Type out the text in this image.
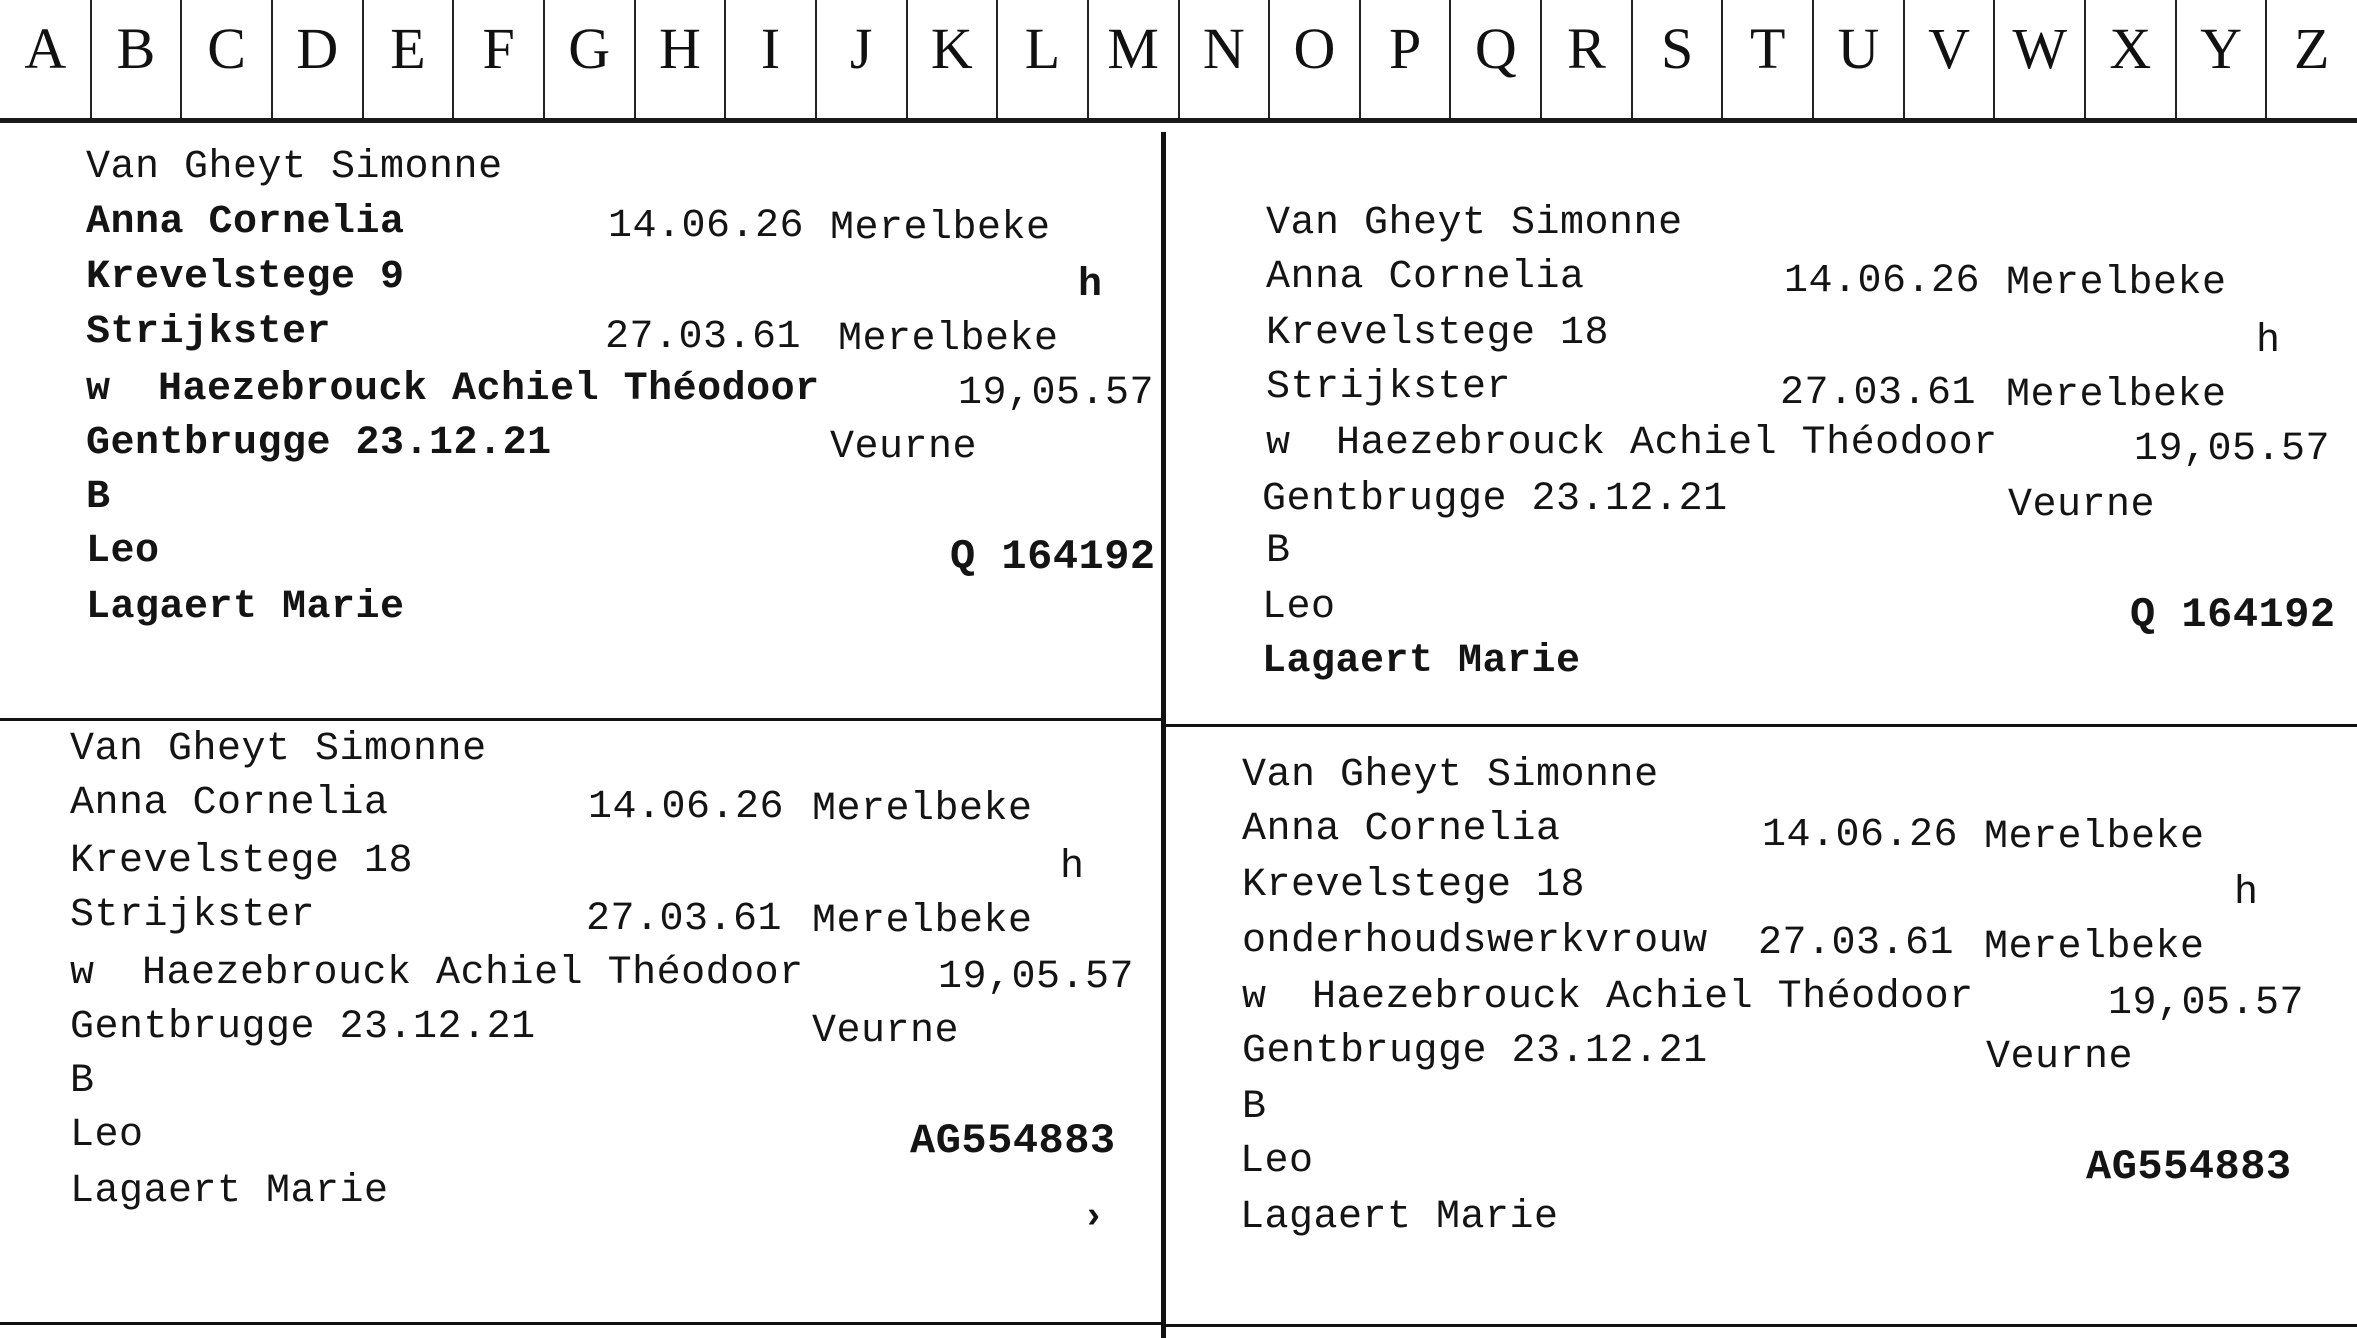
A B C D E F G H	I	J	K L M N O P Q R S T U V W X Y Z
Van Gheyt Simonne
Anna Cornelia	14.06.26 Merelbeke
Krevelstege 9	h
Strijkster	27.03.61 Merelbeke
w Haezebrouck Achiel Théodoor	19,05.57
Gentbrugge 23.12.21	Veurne
B
Leo	Q 164192
Lagaert Marie
Van Gheyt Simonne
Anna Cornelia	14.06.26 Merelbeke
Krevelstege 18	h
Strijkster	27.03.61 Merelbeke
w Haezebrouck Achiel Théodoor	19,05.57
Gentbrugge 23.12.21	Veurne
B
Leo	Q 164192
Lagaert Marie
Van Gheyt Simonne
Anna Cornelia	14.06.26 Merelbeke
Krevelstege 18	h
Strijkster	27.03.61 Merelbeke
w Haezebrouck Achiel Théodoor	19,05.57
Gentbrugge 23.12.21	Veurne
B
Leo	AG554883
Lagaert Marie
›
Van Gheyt Simonne
Anna Cornelia	14.06.26 Merelbeke
Krevelstege 18	h
onderhoudswerkvrouw 27.03.61 Merelbeke
w Haezebrouck Achiel Théodoor	19,05.57
Gentbrugge 23.12.21	Veurne
B
Leo	AG554883
Lagaert Marie
